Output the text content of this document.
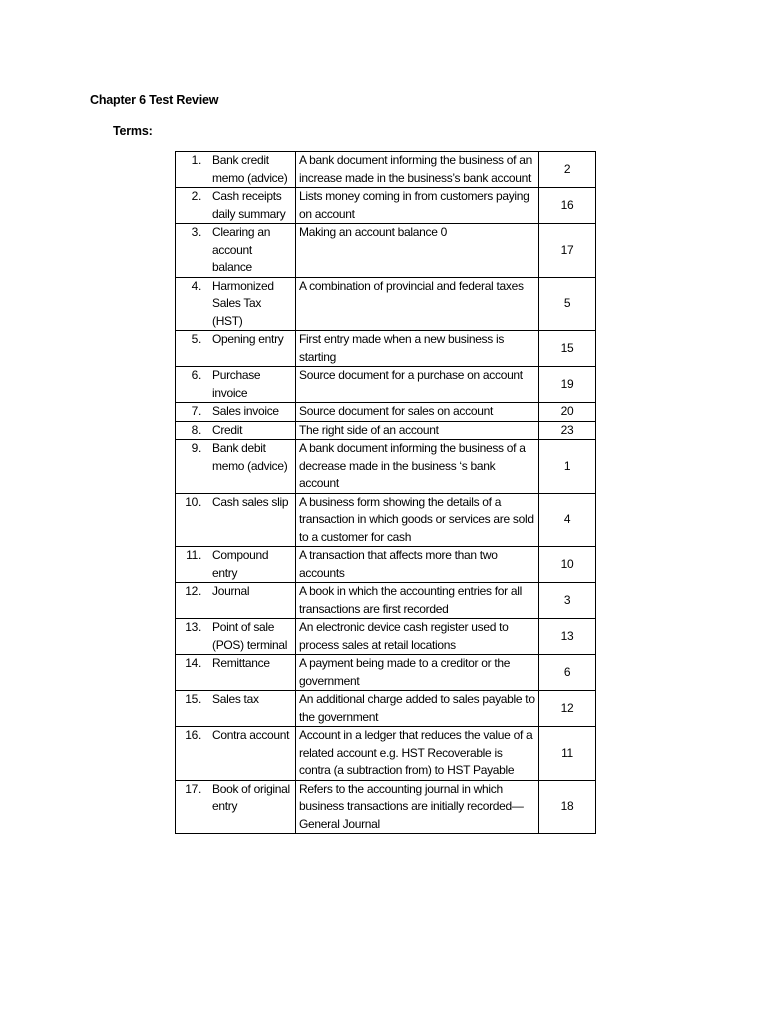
Chapter 6 Test Review
Terms:
1. Bank credit memo (advice)	A bank document informing the business of an increase made in the business’s bank account	2

2. Cash receipts daily summary	Lists money coming in from customers paying on account	16

3. Clearing an account balance	Making an account balance 0	17

4. Harmonized Sales Tax (HST)	A combination of provincial and federal taxes	5

5. Opening entry	First entry made when a new business is starting	15

6. Purchase invoice	Source document for a purchase on account	19

7. Sales invoice	Source document for sales on account	20

8. Credit	The right side of an account	23

9. Bank debit memo (advice)	A bank document informing the business of a decrease made in the business ‘s bank account	1

10. Cash sales slip	A business form showing the details of a transaction in which goods or services are sold to a customer for cash	4

11. Compound entry	A transaction that affects more than two accounts	10

12. Journal	A book in which the accounting entries for all transactions are first recorded	3

13. Point of sale (POS) terminal	An electronic device cash register used to process sales at retail locations	13

14. Remittance	A payment being made to a creditor or the government	6

15. Sales tax	An additional charge added to sales payable to the government	12

16. Contra account	Account in a ledger that reduces the value of a related account e.g. HST Recoverable is contra (a subtraction from) to HST Payable	11

17. Book of original entry	Refers to the accounting journal in which business transactions are initially recorded—General Journal	18
